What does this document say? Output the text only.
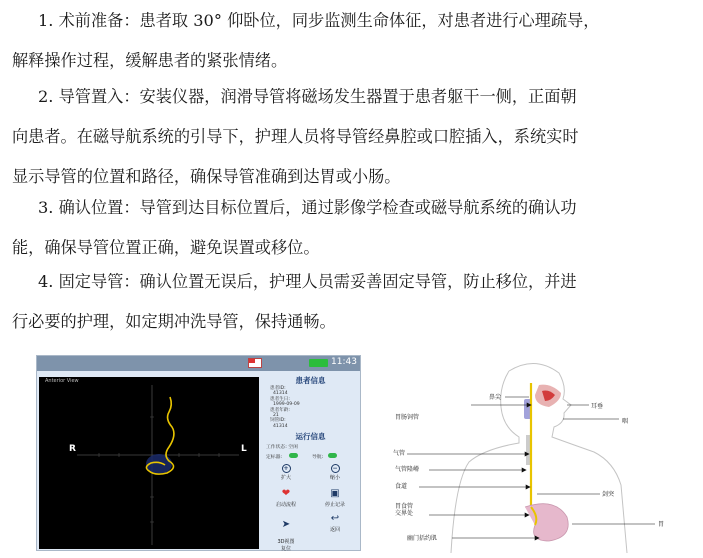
1. 术前准备：患者取 30° 仰卧位，同步监测生命体征，对患者进行心理疏导，
解释操作过程，缓解患者的紧张情绪。
2. 导管置入：安装仪器，润滑导管将磁场发生器置于患者躯干一侧，正面朝
向患者。在磁导航系统的引导下，护理人员将导管经鼻腔或口腔插入，系统实时
显示导管的位置和路径，确保导管准确到达胃或小肠。
3. 确认位置：导管到达目标位置后，通过影像学检查或磁导航系统的确认功
能，确保导管位置正确，避免误置或移位。
4. 固定导管：确认位置无误后，护理人员需妥善固定导管，防止移位，并进
行必要的护理，如定期冲洗导管，保持通畅。
11:43
Anterior View
R	L
患者信息
患者ID:
41314
患者生日:
1999-09-09
患者年龄:
21
饲管ID:
41314
运行信息
工作状态: 空闲
定标器:	导航:
+
扩大
−
缩小
❤
启动流程
▣
停止记录

➤

3D视图
复位

↩
返回
鼻尖
耳垂
胃肠饲管
咽
气管
气管隆嵴
食道
剑突
胃食管
交界处
胃
幽门括约肌
